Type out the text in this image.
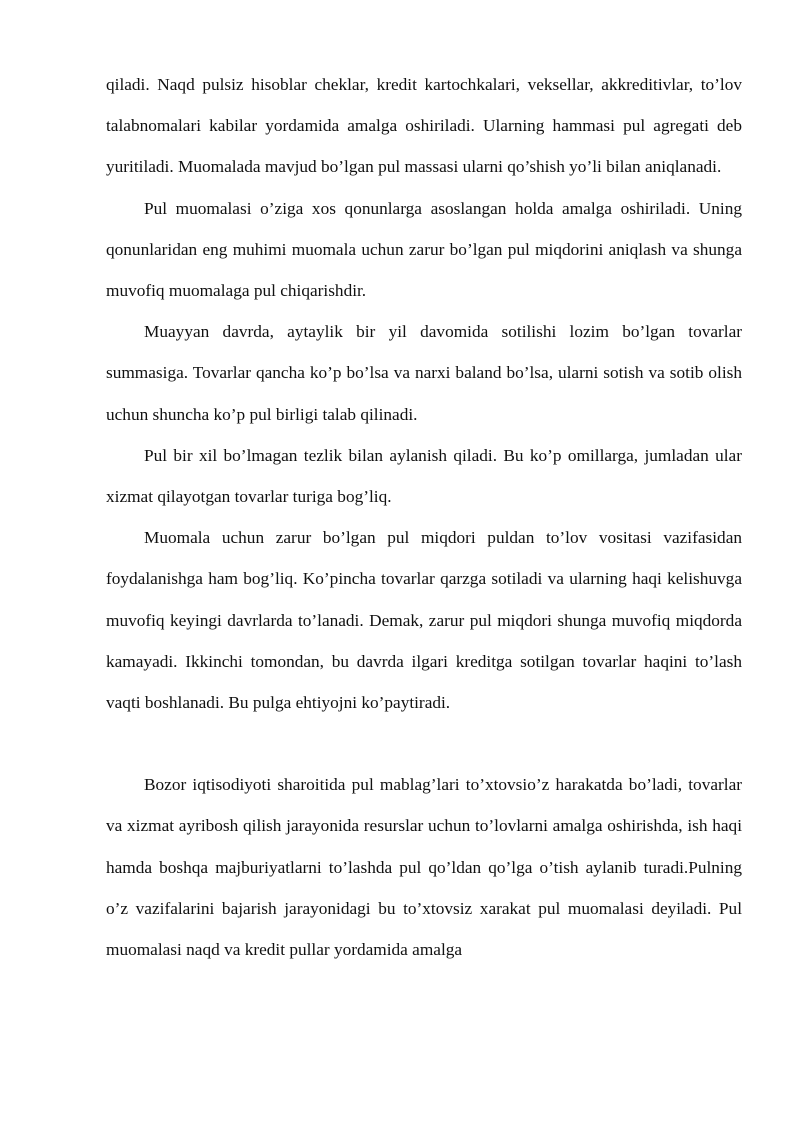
qiladi. Naqd pulsiz hisoblar cheklar, kredit kartochkalari, veksellar, akkreditivlar, to’lov talabnomalari kabilar yordamida amalga oshiriladi. Ularning hammasi pul agregati deb yuritiladi. Muomalada mavjud bo’lgan pul massasi ularni qo’shish yo’li bilan aniqlanadi.

Pul muomalasi o’ziga xos qonunlarga asoslangan holda amalga oshiriladi. Uning qonunlaridan eng muhimi muomala uchun zarur bo’lgan pul miqdorini aniqlash va shunga muvofiq muomalaga pul chiqarishdir.

Muayyan davrda, aytaylik bir yil davomida sotilishi lozim bo’lgan tovarlar summasiga. Tovarlar qancha ko’p bo’lsa va narxi baland bo’lsa, ularni sotish va sotib olish uchun shuncha ko’p pul birligi talab qilinadi.

Pul bir xil bo’lmagan tezlik bilan aylanish qiladi. Bu ko’p omillarga, jumladan ular xizmat qilayotgan tovarlar turiga bog’liq.

Muomala uchun zarur bo’lgan pul miqdori puldan to’lov vositasi vazifasidan foydalanishga ham bog’liq. Ko’pincha tovarlar qarzga sotiladi va ularning haqi kelishuvga muvofiq keyingi davrlarda to’lanadi. Demak, zarur pul miqdori shunga muvofiq miqdorda kamayadi. Ikkinchi tomondan, bu davrda ilgari kreditga sotilgan tovarlar haqini to’lash vaqti boshlanadi. Bu pulga ehtiyojni ko’paytiradi.

Bozor iqtisodiyoti sharoitida pul mablag’lari to’xtovsio’z harakatda bo’ladi, tovarlar va xizmat ayribosh qilish jarayonida resurslar uchun to’lovlarni amalga oshirishda, ish haqi hamda boshqa majburiyatlarni to’lashda pul qo’ldan qo’lga o’tish aylanib turadi.Pulning o’z vazifalarini bajarish jarayonidagi bu to’xtovsiz xarakat pul muomalasi deyiladi. Pul muomalasi naqd va kredit pullar yordamida amalga
